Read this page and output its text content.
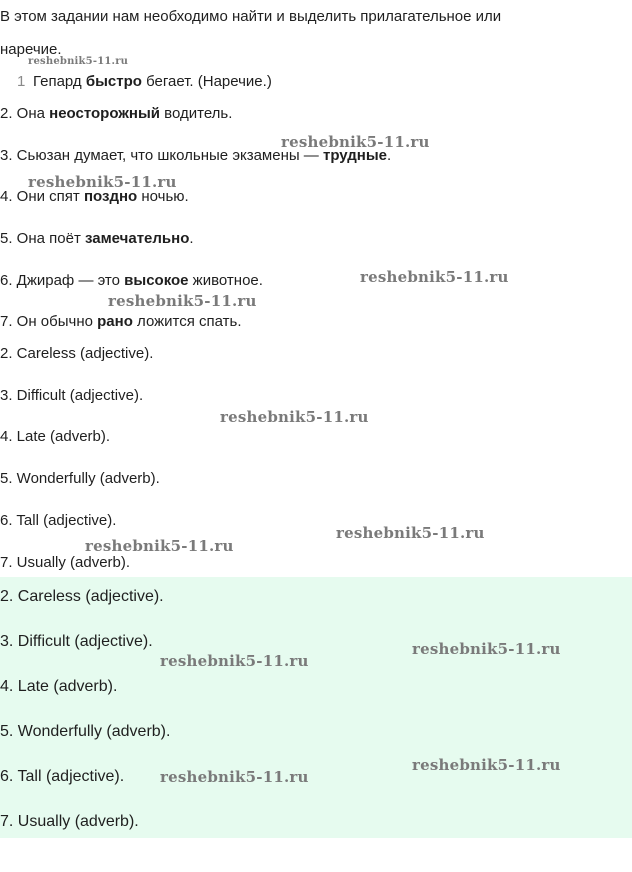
В этом задании нам необходимо найти и выделить прилагательное или
наречие.
1 Гепард быстро бегает. (Наречие.)
2. Она неосторожный водитель.
3. Сьюзан думает, что школьные экзамены — трудные.
4. Они спят поздно ночью.
5. Она поёт замечательно.
6. Джираф — это высокое животное.
7. Он обычно рано ложится спать.
2. Careless (adjective).
3. Difficult (adjective).
4. Late (adverb).
5. Wonderfully (adverb).
6. Tall (adjective).
7. Usually (adverb).
2. Careless (adjective).
3. Difficult (adjective).
4. Late (adverb).
5. Wonderfully (adverb).
6. Tall (adjective).
7. Usually (adverb).
reshebnik5-11.ru
reshebnik5-11.ru
reshebnik5-11.ru
reshebnik5-11.ru
reshebnik5-11.ru
reshebnik5-11.ru
reshebnik5-11.ru
reshebnik5-11.ru
reshebnik5-11.ru
reshebnik5-11.ru
reshebnik5-11.ru
reshebnik5-11.ru
